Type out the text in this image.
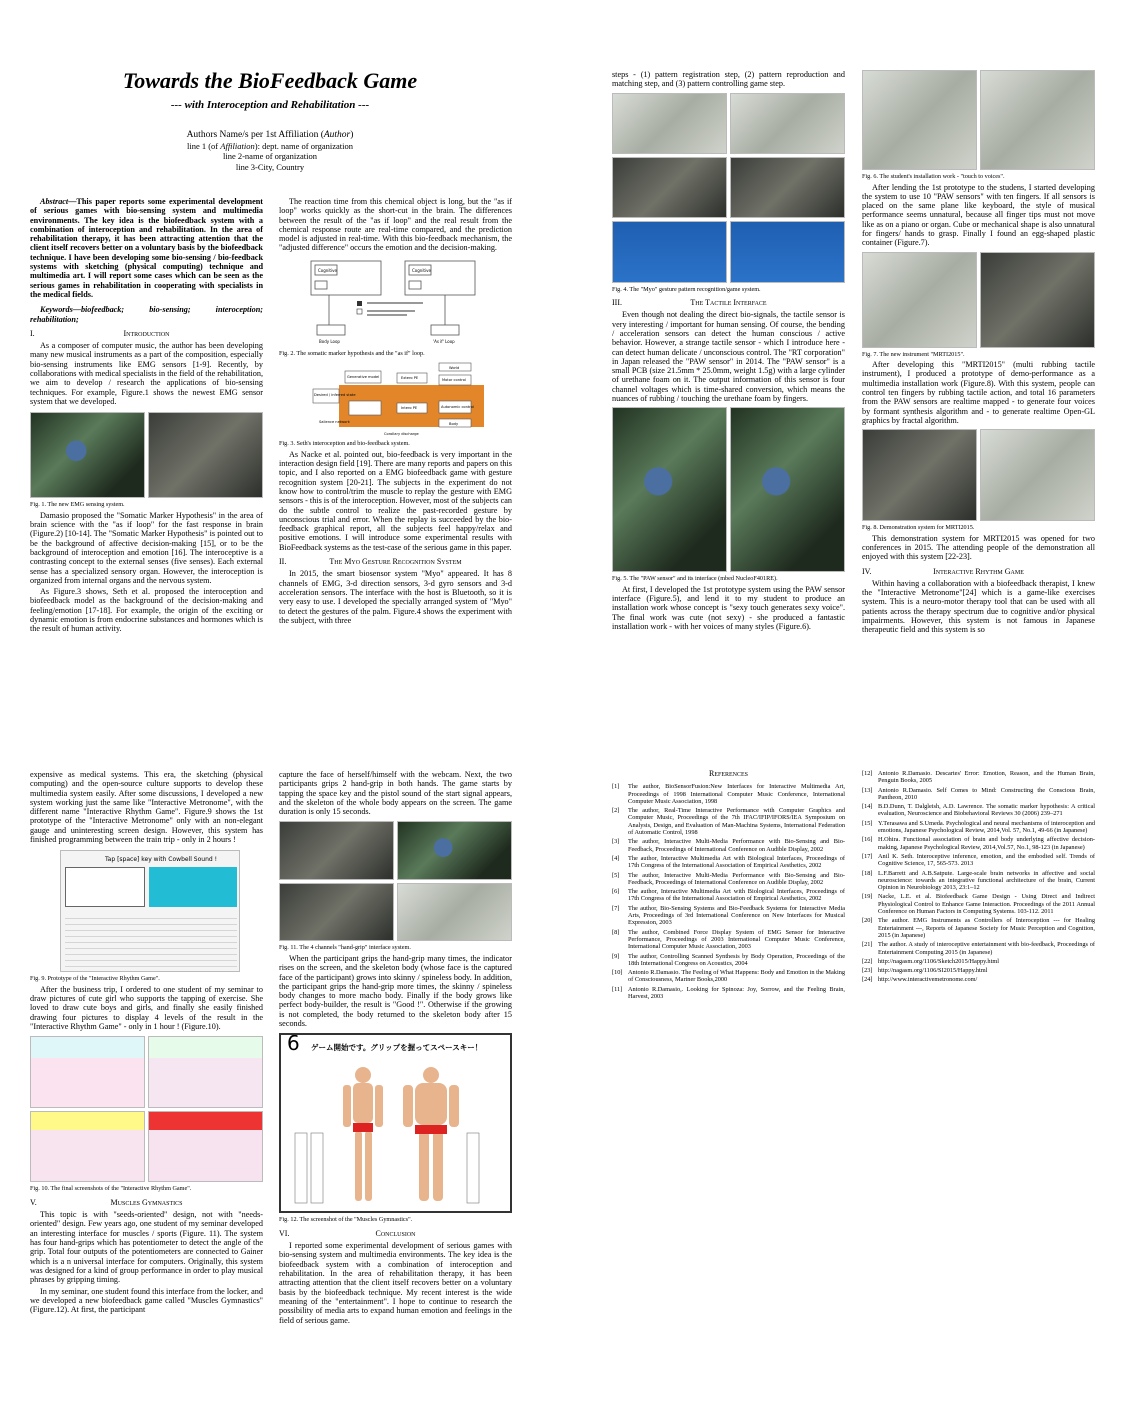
Towards the BioFeedback Game
--- with Interoception and Rehabilitation ---
Authors Name/s per 1st Affiliation (Author)
line 1 (of Affiliation): dept. name of organization
line 2-name of organization
line 3-City, Country

Abstract—This paper reports some experimental development of serious games with bio-sensing system and multimedia environments. The key idea is the biofeedback system with a combination of interoception and rehabilitation. In the area of rehabilitation therapy, it has been attracting attention that the client itself recovers better on a voluntary basis by the biofeedback technique. I have been developing some bio-sensing / bio-feedback systems with sketching (physical computing) technique and multimedia art. I will report some cases which can be seen as the serious games in rehabilitation in cooperating with specialists in the medical fields.

Keywords—biofeedback; bio-sensing; interoception; rehabilitation;

I.	Introduction

As a composer of computer music, the author has been developing many new musical instruments as a part of the composition, especially bio-sensing instruments like EMG sensors [1-9]. Recently, by collaborations with medical specialists in the field of the rehabilitation, we aim to develop / research the applications of bio-sensing techniques. For example, Figure.1 shows the newest EMG sensor system that we developed.

Fig. 1. The new EMG sensing system.

Damasio proposed the "Somatic Marker Hypothesis" in the area of brain science with the "as if loop" for the fast response in brain (Figure.2) [10-14]. The "Somatic Marker Hypothesis" is pointed out to be the background of affective decision-making [15], or to be the background of interoception and emotion [16]. The interoceptive is a contrasting concept to the external senses (five senses). Each external sense has a specialized sensory organ. However, the interoception is organized from internal organs and the nervous system.

As Figure.3 shows, Seth et al. proposed the interoception and biofeedback model as the background of the decision-making and feeling/emotion [17-18]. For example, the origin of the exciting or dynamic emotion is from endocrine substances and hormones which is the result of human activity.

The reaction time from this chemical object is long, but the "as if loop" works quickly as the short-cut in the brain. The differences between the result of the "as if loop" and the real result from the chemical response route are real-time compared, and the prediction model is adjusted in real-time. With this bio-feedback mechanism, the "adjusted difference" occurs the emotion and the decision-making.

Cognitive	Cognitive
Body Loop	'As if' Loop

Fig. 2. The somatic marker hypothesis and the "as if" loop.

World
Motor control
Generative model	Extero PE
Intero PE	Autonomic control
Desired / inferred state
Salience network	Body
Corollary discharge

Fig. 3. Seth's interoception and bio-feedback system.

As Nacke et al. pointed out, bio-feedback is very important in the interaction design field [19]. There are many reports and papers on this topic, and I also reported on a EMG biofeedback game with gesture recognition system [20-21]. The subjects in the experiment do not know how to control/trim the muscle to replay the gesture with EMG sensors - this is of the interoception. However, most of the subjects can do the subtle control to realize the past-recorded gesture by unconscious trial and error. When the replay is succeeded by the bio-feedback graphical report, all the subjects feel happy/relax and positive emotions. I will introduce some experimental results with BioFeedback systems as the test-case of the serious game in this paper.

II.	The Myo Gesture Recognition System

In 2015, the smart biosensor system "Myo" appeared. It has 8 channels of EMG, 3-d direction sensors, 3-d gyro sensors and 3-d acceleration sensors. The interface with the host is Bluetooth, so it is very easy to use. I developed the specially arranged system of "Myo" to detect the gestures of the palm. Figure.4 shows the experiment with the subject, with three

steps - (1) pattern registration step, (2) pattern reproduction and matching step, and (3) pattern controlling game step.

Fig. 4. The "Myo" gesture pattern recognition/game system.

III.	The Tactile Interface

Even though not dealing the direct bio-signals, the tactile sensor is very interesting / important for human sensing. Of course, the bending / acceleration sensors can detect the human conscious / active behavior. However, a strange tactile sensor - which I introduce here - can detect human delicate / unconscious control. The "RT corporation" in Japan released the "PAW sensor" in 2014. The "PAW sensor" is a small PCB (size 21.5mm * 25.0mm, weight 1.5g) with a large cylinder of urethane foam on it. The output information of this sensor is four channel voltages which is time-shared conversion, which means the nuances of rubbing / touching the urethane foam by fingers.

Fig. 5. The "PAW sensor" and its interface (mbed NucleoF401RE).

At first, I developed the 1st prototype system using the PAW sensor interface (Figure.5), and lend it to my student to produce an installation work whose concept is "sexy touch generates sexy voice". The final work was cute (not sexy) - she produced a fantastic installation work - with her voices of many styles (Figure.6).

Fig. 6. The student's installation work - "touch to voices".

After lending the 1st prototype to the studens, I started developing the system to use 10 "PAW sensors" with ten fingers. If all sensors is placed on the same plane like keyboard, the style of musical performance seems unnatural, because all finger tips must not move like as on a piano or organ. Cube or mechanical shape is also unnatural for fingers/ hands to grasp. Finally I found an egg-shaped plastic container (Figure.7).

Fig. 7. The new instrument "MRTI2015".

After developing this "MRTI2015" (multi rubbing tactile instrument), I produced a prototype of demo-performance as a multimedia installation work (Figure.8). With this system, people can control ten fingers by rubbing tactile action, and total 16 parameters from the PAW sensors are realtime mapped - to generate four voices by formant synthesis algorithm and - to generate realtime Open-GL graphics by fractal algorithm.

Fig. 8. Demonstration system for MRTI2015.

This demonstration system for MRTI2015 was opened for two conferences in 2015. The attending people of the demonstration all enjoyed with this system [22-23].

IV.	Interactive Rhythm Game

Within having a collaboration with a biofeedback therapist, I knew the "Interactive Metronome"[24] which is a game-like exercises system. This is a neuro-motor therapy tool that can be used with all patients across the therapy spectrum due to cognitive and/or physical impairments. However, this system is not famous in Japanese therapeutic field and this system is so

expensive as medical systems. This era, the sketching (physical computing) and the open-source culture supports to develop these multimedia system easily. After some discussions, I developed a new system working just the same like "Interactive Metronome", with the different name "Interactive Rhythm Game". Figure.9 shows the 1st prototype of the "Interactive Metronome" only with an non-elegant gauge and uninteresting screen design. However, this system has finished programming between the train trip - only in 2 hours !

Tap [space] key with Cowbell Sound !

Fig. 9. Prototype of the "Interactive Rhythm Game".

After the business trip, I ordered to one student of my seminar to draw pictures of cute girl who supports the tapping of exercise. She loved to draw cute boys and girls, and finally she easily finished drawing four pictures to display 4 levels of the result in the "Interactive Rhythm Game" - only in 1 hour ! (Figure.10).

Fig. 10. The final screenshots of the "Interactive Rhythm Game".

V.	Muscles Gymnastics

This topic is with "seeds-oriented" design, not with "needs-oriented" design. Few years ago, one student of my seminar developed an interesting interface for muscles / sports (Figure. 11). The system has four hand-grips which has potentiometer to detect the angle of the grip. Total four outputs of the potentiometers are connected to Gainer which is a n universal interface for computers. Originally, this system was designed for a kind of group performance in order to play musical phrases by gripping timing.

In my seminar, one student found this interface from the locker, and we developed a new biofeedback game called "Muscles Gymnastics" (Figure.12). At first, the participant

capture the face of herself/himself with the webcam. Next, the two participants grips 2 hand-grip in both hands. The game starts by tapping the space key and the pistol sound of the start signal appears, and the skeleton of the whole body appears on the screen. The game duration is only 15 seconds.

Fig. 11. The 4 channels "hand-grip" interface system.

When the participant grips the hand-grip many times, the indicator rises on the screen, and the skeleton body (whose face is the captured face of the participant) grows into skinny / spineless body. In addition, the participant grips the hand-grip more times, the skinny / spineless body changes to more macho body. Finally if the body grows like perfect body-builder, the result is "Good !". Otherwise if the growing is not completed, the body returned to the skeleton body after 15 seconds.

6 ゲーム開始です。グリップを握ってスペースキー！

Fig. 12. The screenshot of the "Muscles Gymnastics".

VI.	Conclusion

I reported some experimental development of serious games with bio-sensing system and multimedia environments. The key idea is the biofeedback system with a combination of interoception and rehabilitation. In the area of rehabilitation therapy, it has been attracting attention that the client itself recovers better on a voluntary basis by the biofeedback technique. My recent interest is the wide meaning of the "entertainment". I hope to continue to research the possibility of media arts to expand human emotion and feelings in the field of serious game.

References
[1]	The author, BioSensorFusion:New Interfaces for Interactive Multimedia Art, Proceedings of 1998 International Computer Music Conference, International Computer Music Association, 1998
[2]	The author, Real-Time Interactive Performance with Computer Graphics and Computer Music, Proceedings of the 7th IFAC/IFIP/IFORS/IEA Symposium on Analysis, Design, and Evaluation of Man-Machina Systems, International Federation of Automatic Control, 1998
[3]	The author, Interactive Multi-Media Performance with Bio-Sensing and Bio-Feedback, Proceedings of International Conference on Audible Display, 2002
[4]	The author, Interactive Multimedia Art with Biological Interfaces, Proceedings of 17th Congress of the International Association of Empirical Aesthetics, 2002
[5]	The author, Interactive Multi-Media Performance with Bio-Sensing and Bio-Feedback, Proceedings of International Conference on Audible Display, 2002
[6]	The author, Interactive Multimedia Art with Biological Interfaces, Proceedings of 17th Congress of the International Association of Empirical Aesthetics, 2002
[7]	The author, Bio-Sensing Systems and Bio-Feedback Systems for Interactive Media Arts, Proceedings of 3rd International Conference on New Interfaces for Musical Expression, 2003
[8]	The author, Combined Force Display System of EMG Sensor for Interactive Performance, Proceedings of 2003 International Computer Music Conference, International Computer Music Association, 2003
[9]	The author, Controlling Scanned Synthesis by Body Operation, Proceedings of the 18th International Congress on Acoustics, 2004
[10] Antonio R.Damasio. The Feeling of What Happens: Body and Emotion in the Making of Consciousness, Mariner Books,2000
[11] Antonio R.Damasio,. Looking for Spinoza: Joy, Sorrow, and the Feeling Brain, Harvest, 2003
[12] Antonio R.Damasio. Descartes' Error: Emotion, Reason, and the Human Brain, Penguin Books, 2005
[13] Antonio R.Damasio. Self Comes to Mind: Constructing the Conscious Brain, Pantheon, 2010
[14] B.D.Dunn, T. Dalgleish, A.D. Lawrence. The somatic marker hypothesis: A critical evaluation, Neuroscience and Biobehavioral Reviews 30 (2006) 239–271
[15] Y.Terasawa and S.Umeda. Psychological and neural mechanisms of interoception and emotions, Japanese Psychological Review, 2014,Vol. 57, No.1, 49-66 (in Japanese)
[16] H.Ohira. Functional association of brain and body underlying affective decision-making, Japanese Psychological Review, 2014,Vol.57, No.1, 98-123 (in Japanese)
[17] Anil K. Seth. Interoceptive inference, emotion, and the embodied self. Trends of Cognitive Science, 17, 565-573. 2013
[18] L.F.Barrett and A.B.Satpute. Large-scale brain networks in affective and social neuroscience: towards an integrative functional architecture of the brain, Current Opinion in Neurobiology 2013, 23:1–12
[19] Nacke, L.E. et al. Biofeedback Game Design - Using Direct and Indirect Physiological Control to Enhance Game Interaction. Proceedings of the 2011 Annual Conference on Human Factors in Computing Systems. 103-112. 2011
[20] The author. EMG Instruments as Controllers of Interoception --- for Healing Entertainment ---, Reports of Japanese Society for Music Perception and Cognition, 2015 (in Japanese)
[21] The author. A study of interoceptive entertainment with bio-feedback, Proceedings of Entertainment Computing 2015 (in Japanese)
[22] http://nagasm.org/1106/Sketch2015/Happy.html
[23] http://nagasm.org/1106/SI2015/Happy.html
[24] http://www.interactivemetronome.com/
